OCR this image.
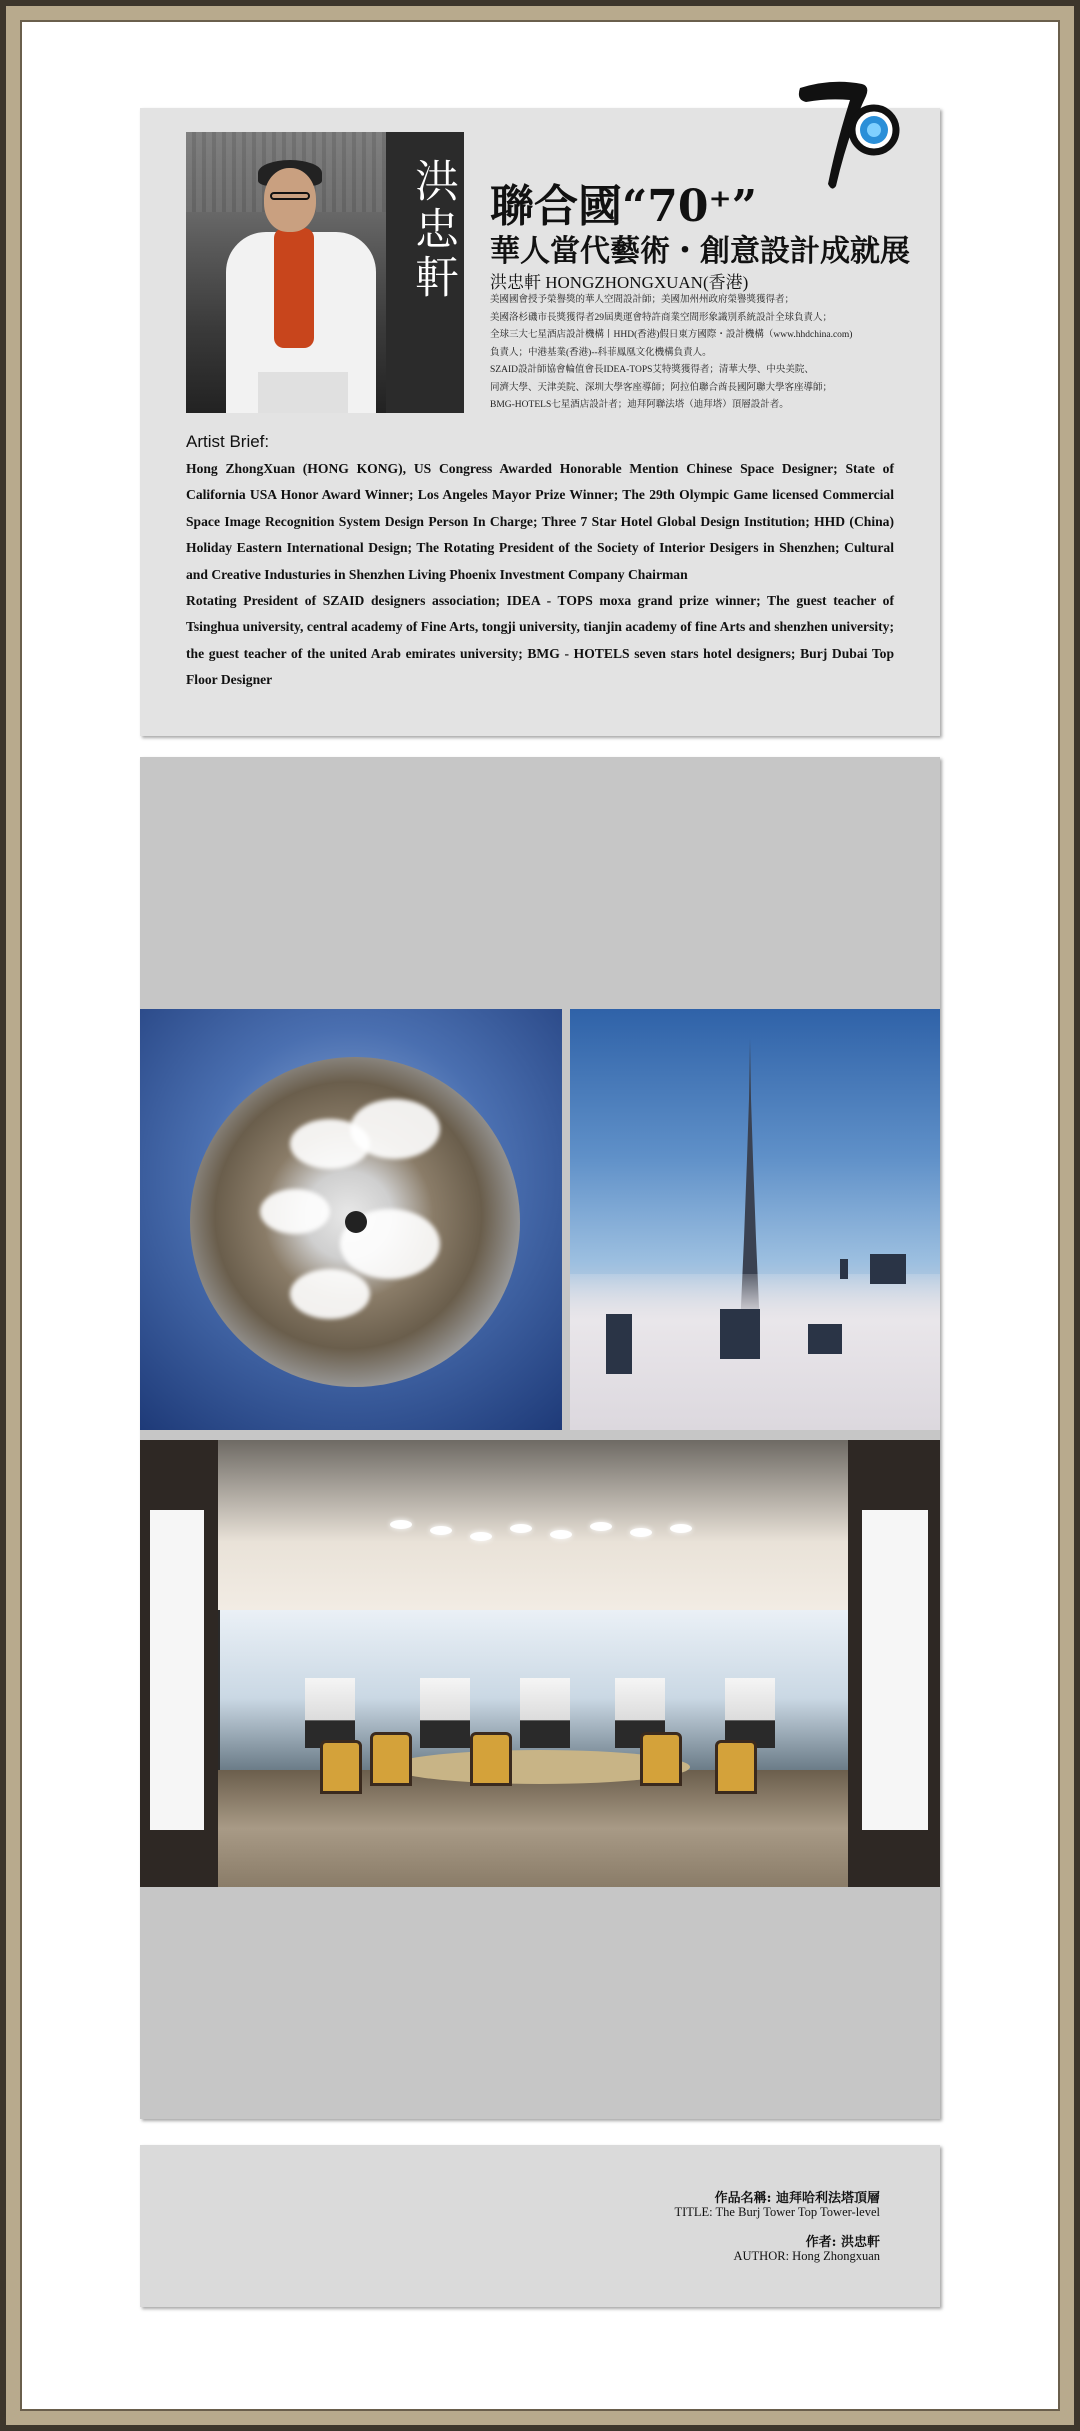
洪忠軒 聯合國“70⁺”
華人當代藝術・創意設計成就展
洪忠軒 HONGZHONGXUAN(香港)
美國國會授予榮譽獎的華人空間設計師；美國加州州政府榮譽獎獲得者；
美國洛杉磯市長獎獲得者29屆奧運會特許商業空間形象識別系統設計全球負責人；
全球三大七星酒店設計機構丨HHD(香港)假日東方國際・設計機構（www.hhdchina.com)
負責人；中港基業(香港)--科菲鳳凰文化機構負責人。
SZAID設計師協會輪值會長IDEA-TOPS艾特獎獲得者；清華大學、中央美院、
同濟大學、天津美院、深圳大學客座導師；阿拉伯聯合酋長國阿聯大學客座導師；
BMG-HOTELS七星酒店設計者；迪拜阿聯法塔（迪拜塔）頂層設計者。
Artist Brief:

Hong ZhongXuan (HONG KONG), US Congress Awarded Honorable Mention Chinese Space Designer; State of California USA Honor Award Winner; Los Angeles Mayor Prize Winner; The 29th Olympic Game licensed Commercial Space Image Recognition System Design Person In Charge; Three 7 Star Hotel Global Design Institution; HHD (China) Holiday Eastern International Design; The Rotating President of the Society of Interior Desigers in Shenzhen; Cultural and Creative Industuries in Shenzhen Living Phoenix Investment Company Chairman

Rotating President of SZAID designers association; IDEA - TOPS moxa grand prize winner; The guest teacher of Tsinghua university, central academy of Fine Arts, tongji university, tianjin academy of fine Arts and shenzhen university; the guest teacher of the united Arab emirates university; BMG - HOTELS seven stars hotel designers; Burj Dubai Top Floor Designer

作品名稱: 迪拜哈利法塔頂層
TITLE: The Burj Tower Top Tower-level
作者: 洪忠軒
AUTHOR: Hong Zhongxuan
